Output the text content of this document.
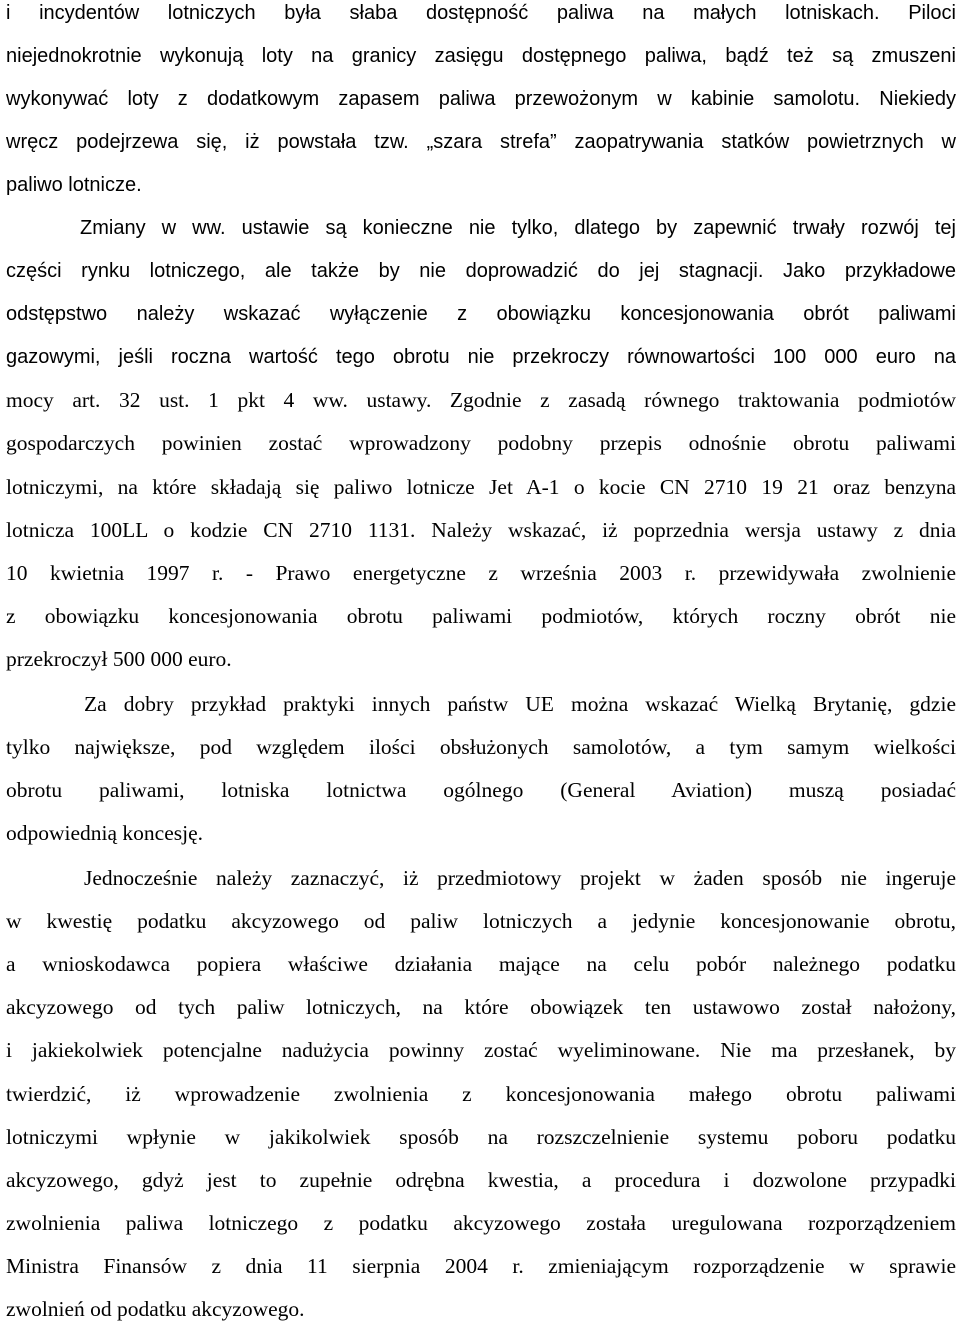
i incydentów lotniczych była słaba dostępność paliwa na małych lotniskach. Piloci
niejednokrotnie wykonują loty na granicy zasięgu dostępnego paliwa, bądź też są zmuszeni
wykonywać loty z dodatkowym zapasem paliwa przewożonym w kabinie samolotu. Niekiedy
wręcz podejrzewa się, iż powstała tzw. „szara strefa” zaopatrywania statków powietrznych w
paliwo lotnicze.
Zmiany w ww. ustawie są konieczne nie tylko, dlatego by zapewnić trwały rozwój tej
części rynku lotniczego, ale także by nie doprowadzić do jej stagnacji. Jako przykładowe
odstępstwo należy wskazać wyłączenie z obowiązku koncesjonowania obrót paliwami
gazowymi, jeśli roczna wartość tego obrotu nie przekroczy równowartości 100 000 euro na
mocy art. 32 ust. 1 pkt 4 ww. ustawy. Zgodnie z zasadą równego traktowania podmiotów
gospodarczych powinien zostać wprowadzony podobny przepis odnośnie obrotu paliwami
lotniczymi, na które składają się paliwo lotnicze Jet A-1 o kocie CN 2710 19 21 oraz benzyna
lotnicza 100LL o kodzie CN 2710 1131. Należy wskazać, iż poprzednia wersja ustawy z dnia
10 kwietnia 1997 r. - Prawo energetyczne z września 2003 r. przewidywała zwolnienie
z obowiązku koncesjonowania obrotu paliwami podmiotów, których roczny obrót nie
przekroczył 500 000 euro.
Za dobry przykład praktyki innych państw UE można wskazać Wielką Brytanię, gdzie
tylko największe, pod względem ilości obsłużonych samolotów, a tym samym wielkości
obrotu paliwami, lotniska lotnictwa ogólnego (General Aviation) muszą posiadać
odpowiednią koncesję.
Jednocześnie należy zaznaczyć, iż przedmiotowy projekt w żaden sposób nie ingeruje
w kwestię podatku akcyzowego od paliw lotniczych a jedynie koncesjonowanie obrotu,
a wnioskodawca popiera właściwe działania mające na celu pobór należnego podatku
akcyzowego od tych paliw lotniczych, na które obowiązek ten ustawowo został nałożony,
i jakiekolwiek potencjalne nadużycia powinny zostać wyeliminowane. Nie ma przesłanek, by
twierdzić, iż wprowadzenie zwolnienia z koncesjonowania małego obrotu paliwami
lotniczymi wpłynie w jakikolwiek sposób na rozszczelnienie systemu poboru podatku
akcyzowego, gdyż jest to zupełnie odrębna kwestia, a procedura i dozwolone przypadki
zwolnienia paliwa lotniczego z podatku akcyzowego została uregulowana rozporządzeniem
Ministra Finansów z dnia 11 sierpnia 2004 r. zmieniającym rozporządzenie w sprawie
zwolnień od podatku akcyzowego.
